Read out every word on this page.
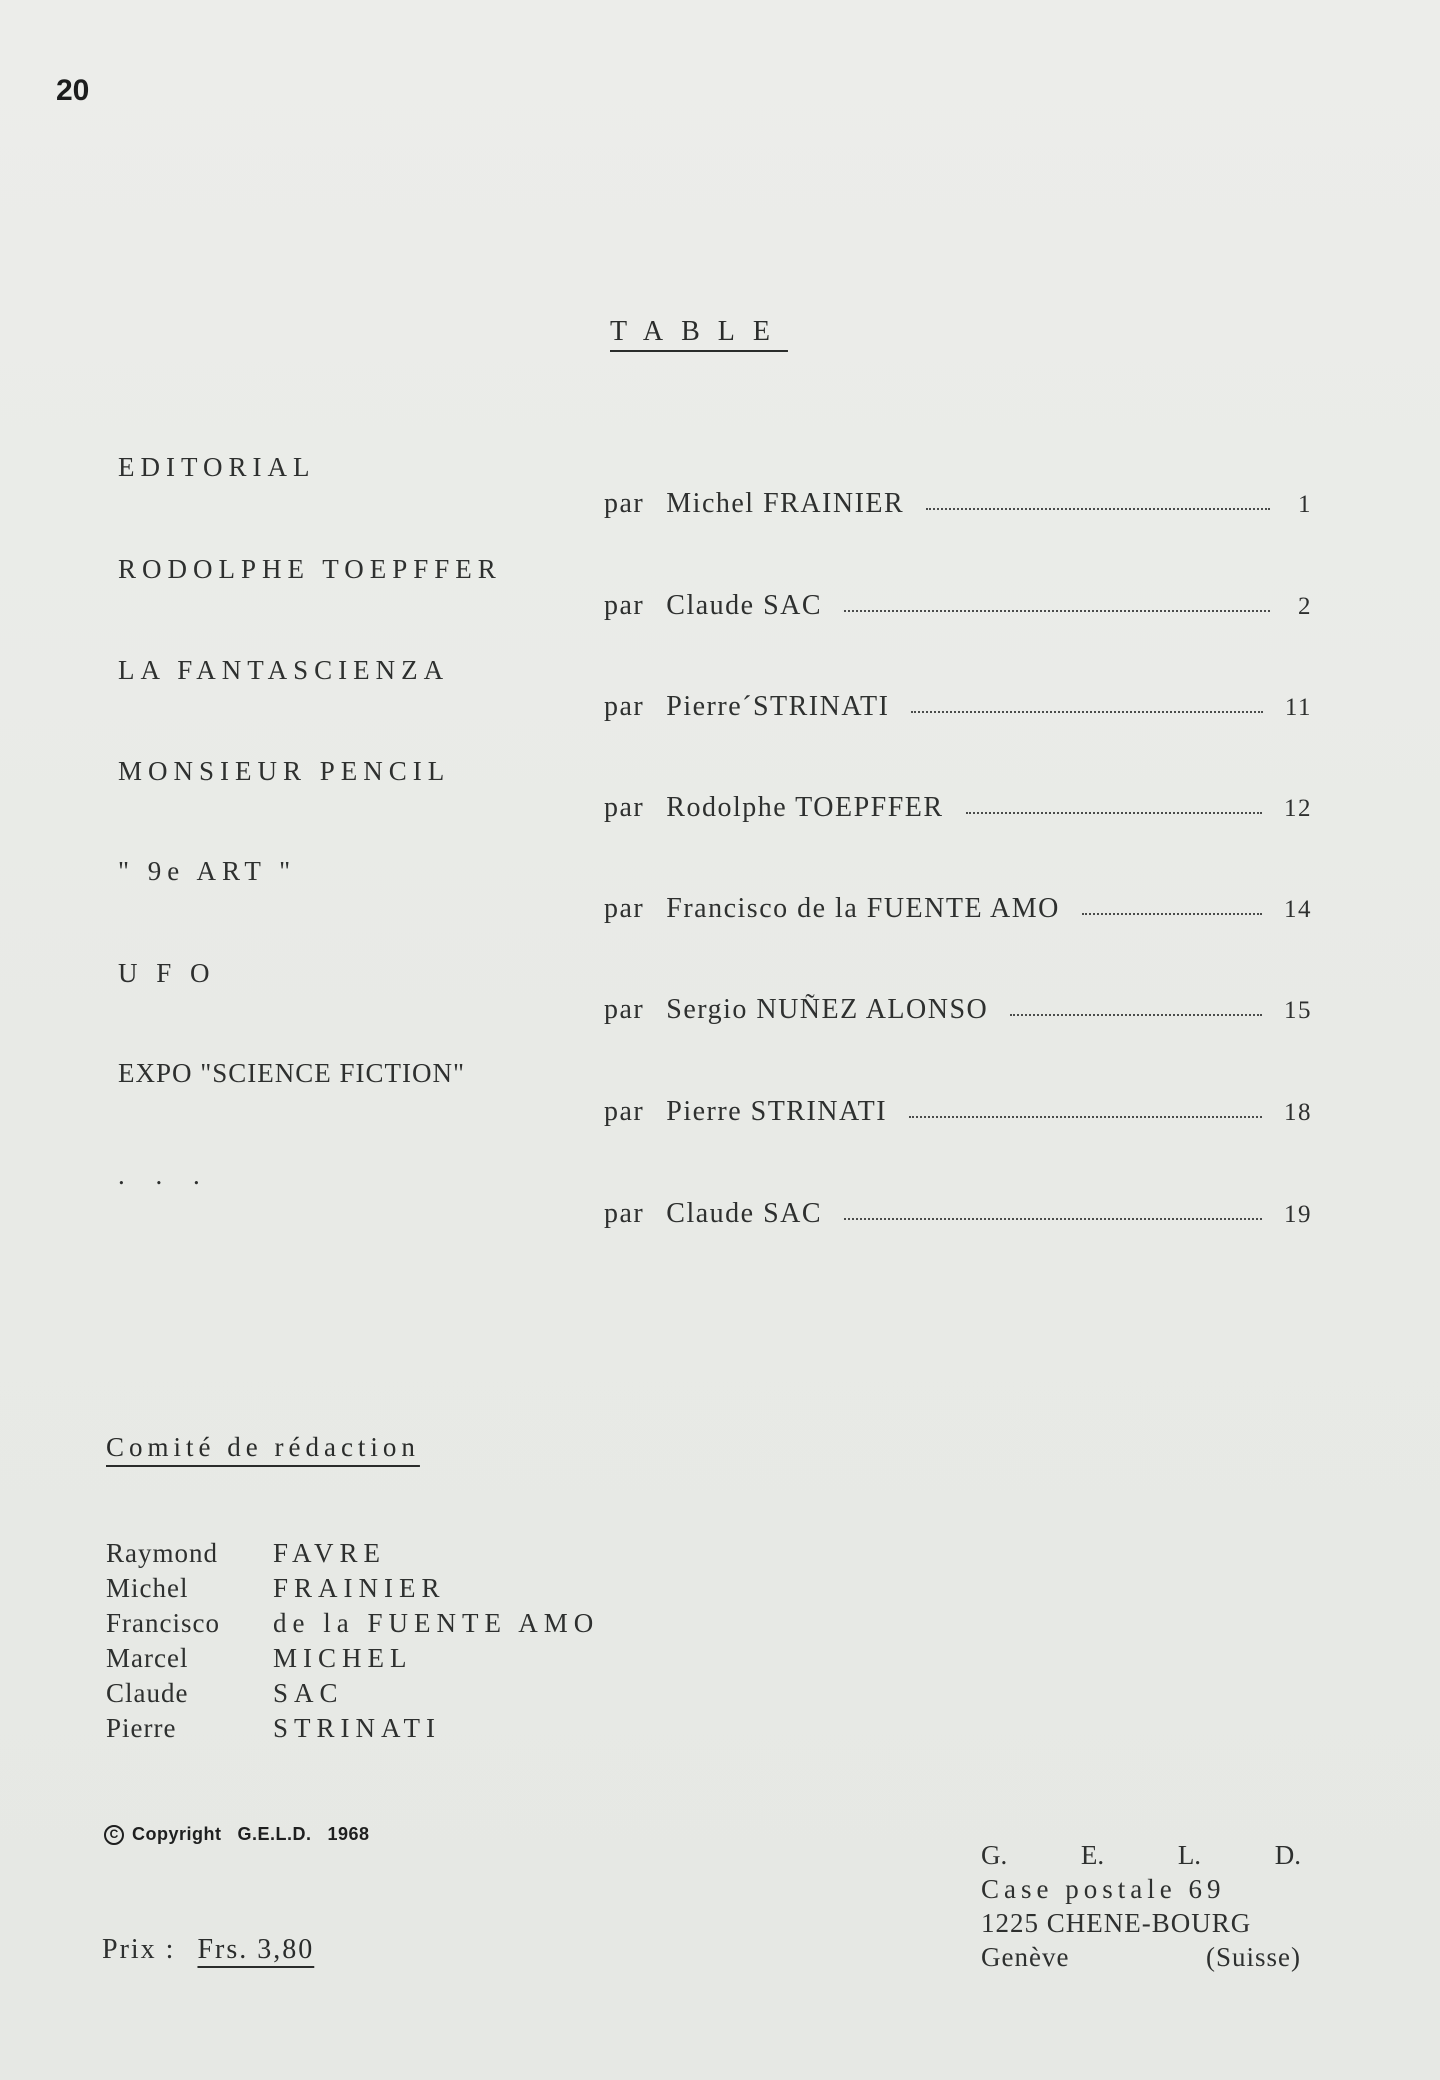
20
TABLE
EDITORIAL
par Michel FRAINIER	1
RODOLPHE TOEPFFER
par Claude SAC	2
LA FANTASCIENZA
par Pierre´STRINATI	11
MONSIEUR PENCIL
par Rodolphe TOEPFFER	12
" 9e ART "
par Francisco de la FUENTE AMO	14
U F O
par Sergio NUÑEZ ALONSO	15
EXPO "SCIENCE FICTION"
par Pierre STRINATI	18
. . .
par Claude SAC	19
Comité de rédaction
Raymond	FAVRE
Michel	FRAINIER
Francisco	de la FUENTE AMO
Marcel	MICHEL
Claude	SAC
Pierre	STRINATI
C Copyright G.E.L.D. 1968
Prix : Frs. 3,80
G.	E.	L.	D.
Case postale 69
1225 CHENE-BOURG
Genève	(Suisse)
